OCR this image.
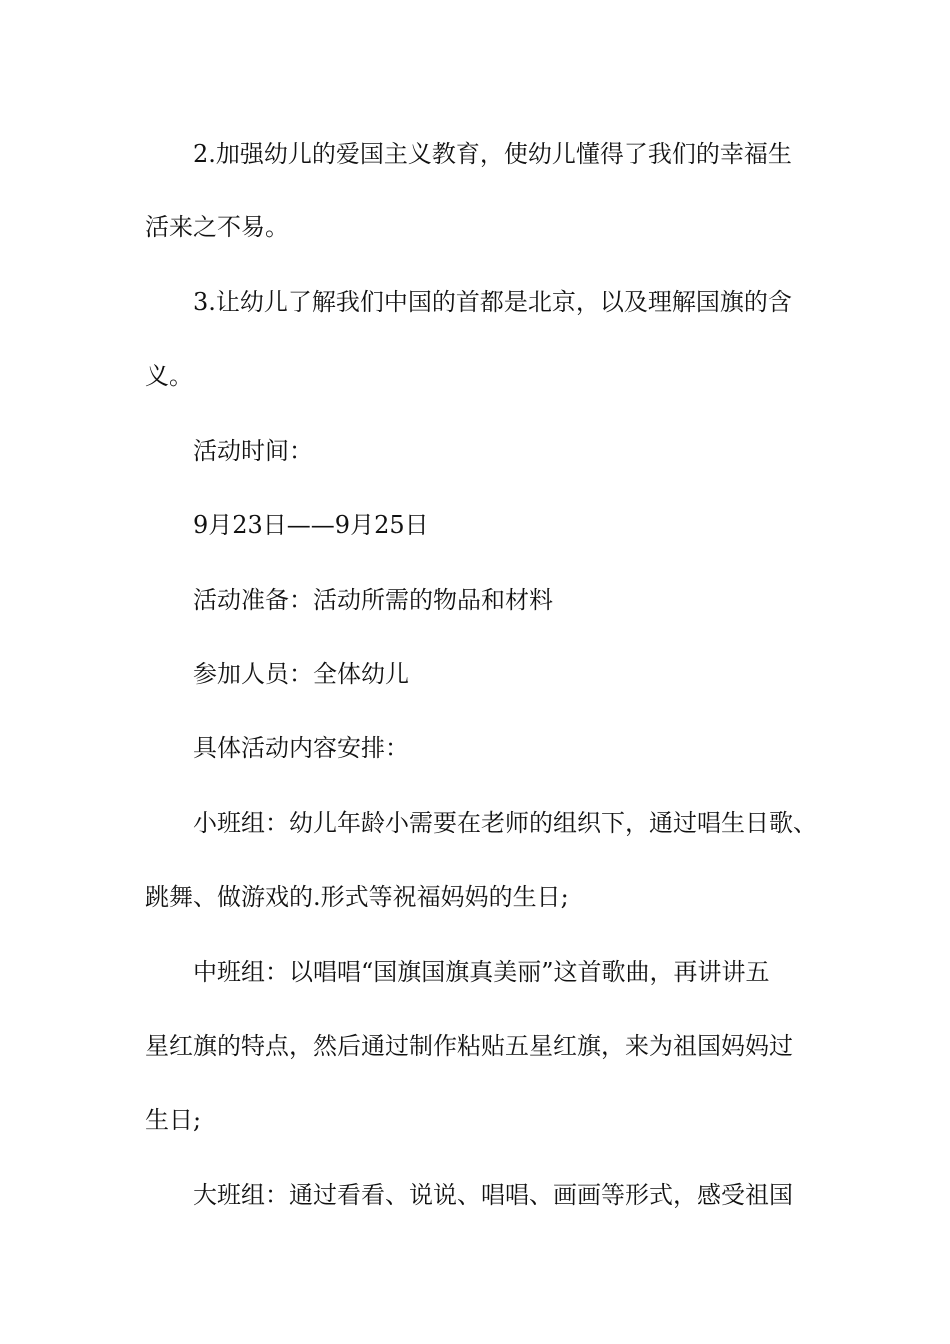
2.加强幼儿的爱国主义教育，使幼儿懂得了我们的幸福生

活来之不易。

3.让幼儿了解我们中国的首都是北京，以及理解国旗的含

义。

活动时间：

9月23日——9月25日

活动准备：活动所需的物品和材料

参加人员：全体幼儿

具体活动内容安排：

小班组：幼儿年龄小需要在老师的组织下，通过唱生日歌、

跳舞、做游戏的.形式等祝福妈妈的生日;

中班组：以唱唱“国旗国旗真美丽”这首歌曲，再讲讲五

星红旗的特点，然后通过制作粘贴五星红旗，来为祖国妈妈过

生日;

大班组：通过看看、说说、唱唱、画画等形式，感受祖国
